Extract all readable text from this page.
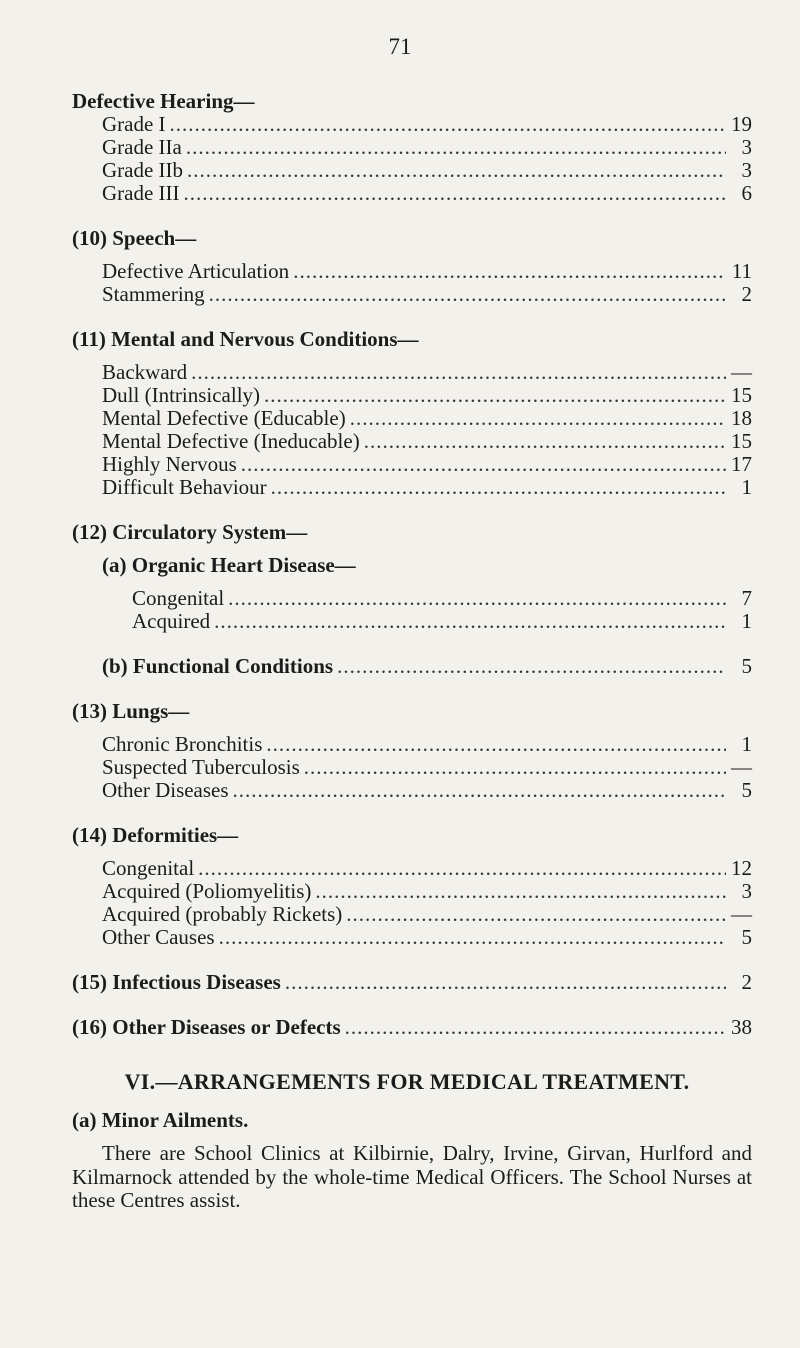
71
Defective Hearing—
Grade I .....	19
Grade IIa .....	3
Grade IIb .....	3
Grade III .....	6
(10) Speech—
Defective Articulation .....	11
Stammering .....	2
(11) Mental and Nervous Conditions—
Backward .....	—
Dull (Intrinsically) .....	15
Mental Defective (Educable) .....	18
Mental Defective (Ineducable) .....	15
Highly Nervous .....	17
Difficult Behaviour .....	1
(12) Circulatory System—
(a) Organic Heart Disease—
Congenital .....	7
Acquired .....	1
(b) Functional Conditions .....	5
(13) Lungs—
Chronic Bronchitis .....	1
Suspected Tuberculosis .....	—
Other Diseases .....	5
(14) Deformities—
Congenital .....	12
Acquired (Poliomyelitis) .....	3
Acquired (probably Rickets) .....	—
Other Causes .....	5
(15) Infectious Diseases .....	2
(16) Other Diseases or Defects .....	38
VI.—ARRANGEMENTS FOR MEDICAL TREATMENT.
(a) Minor Ailments.
There are School Clinics at Kilbirnie, Dalry, Irvine, Girvan, Hurlford and Kilmarnock attended by the whole-time Medical Officers. The School Nurses at these Centres assist.
